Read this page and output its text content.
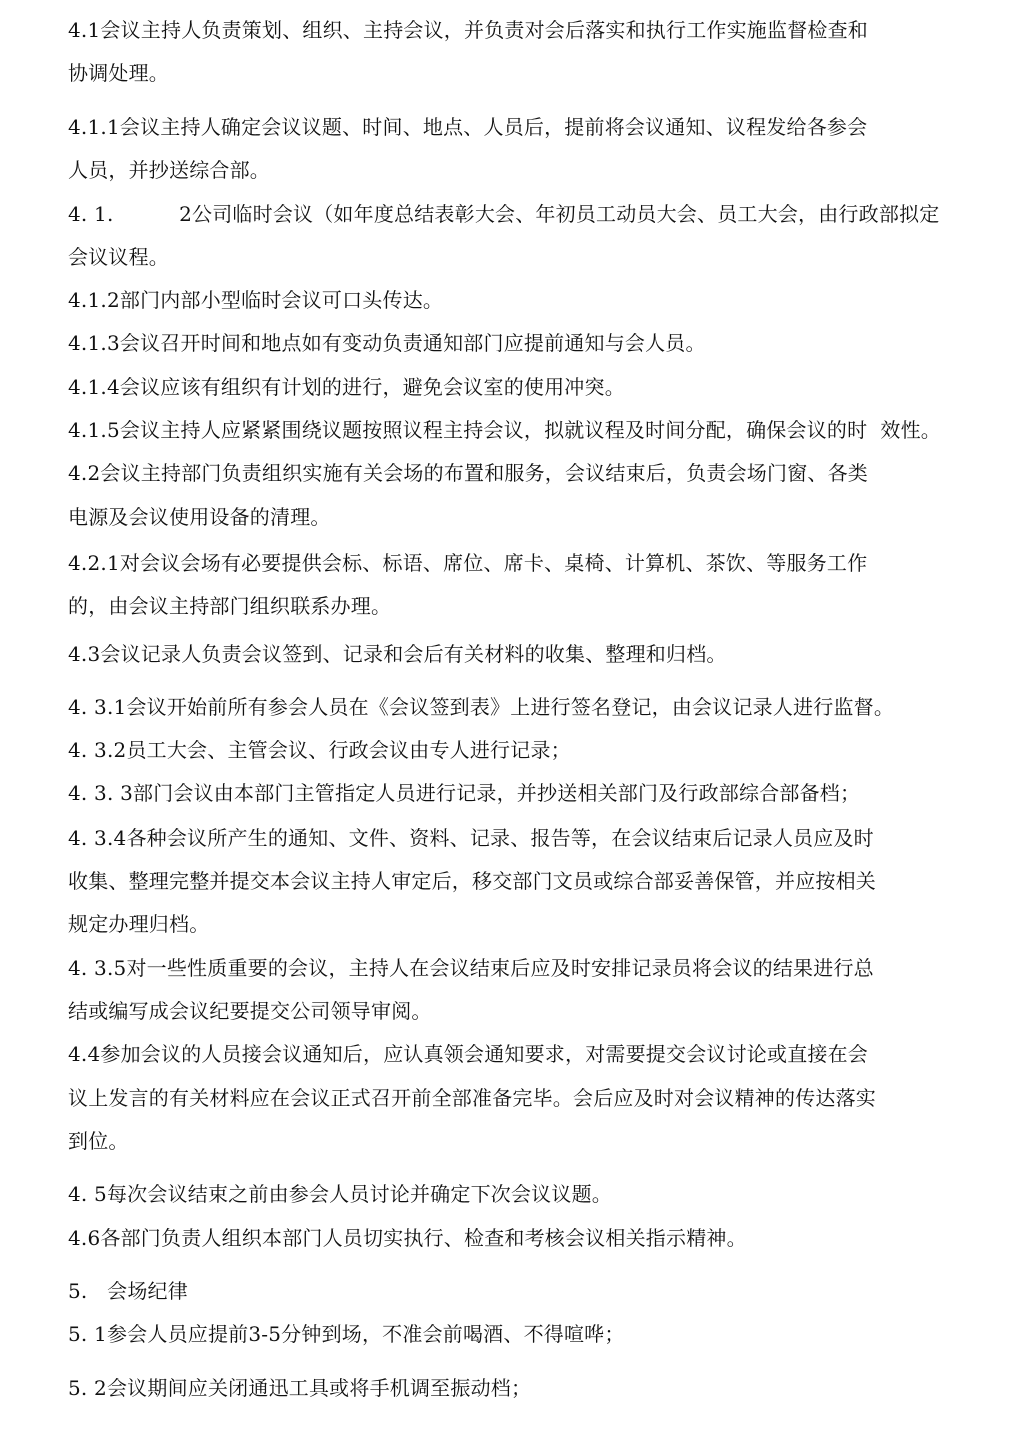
4.1会议主持人负责策划、组织、主持会议，并负责对会后落实和执行工作实施监督检查和
协调处理。
4.1.1会议主持人确定会议议题、时间、地点、人员后，提前将会议通知、议程发给各参会
人员，并抄送综合部。
4. 1.          2公司临时会议（如年度总结表彰大会、年初员工动员大会、员工大会，由行政部拟定
会议议程。
4.1.2部门内部小型临时会议可口头传达。
4.1.3会议召开时间和地点如有变动负责通知部门应提前通知与会人员。
4.1.4会议应该有组织有计划的进行，避免会议室的使用冲突。
4.1.5会议主持人应紧紧围绕议题按照议程主持会议，拟就议程及时间分配，确保会议的时  效性。
4.2会议主持部门负责组织实施有关会场的布置和服务，会议结束后，负责会场门窗、各类
电源及会议使用设备的清理。
4.2.1对会议会场有必要提供会标、标语、席位、席卡、桌椅、计算机、茶饮、等服务工作
的，由会议主持部门组织联系办理。
4.3会议记录人负责会议签到、记录和会后有关材料的收集、整理和归档。
4. 3.1会议开始前所有参会人员在《会议签到表》上进行签名登记，由会议记录人进行监督。
4. 3.2员工大会、主管会议、行政会议由专人进行记录；
4. 3. 3部门会议由本部门主管指定人员进行记录，并抄送相关部门及行政部综合部备档；
4. 3.4各种会议所产生的通知、文件、资料、记录、报告等，在会议结束后记录人员应及时
收集、整理完整并提交本会议主持人审定后，移交部门文员或综合部妥善保管，并应按相关
规定办理归档。
4. 3.5对一些性质重要的会议，主持人在会议结束后应及时安排记录员将会议的结果进行总
结或编写成会议纪要提交公司领导审阅。
4.4参加会议的人员接会议通知后，应认真领会通知要求，对需要提交会议讨论或直接在会
议上发言的有关材料应在会议正式召开前全部准备完毕。会后应及时对会议精神的传达落实
到位。
4. 5每次会议结束之前由参会人员讨论并确定下次会议议题。
4.6各部门负责人组织本部门人员切实执行、检查和考核会议相关指示精神。
5.   会场纪律
5. 1参会人员应提前3-5分钟到场，不准会前喝酒、不得喧哗；
5. 2会议期间应关闭通迅工具或将手机调至振动档；
